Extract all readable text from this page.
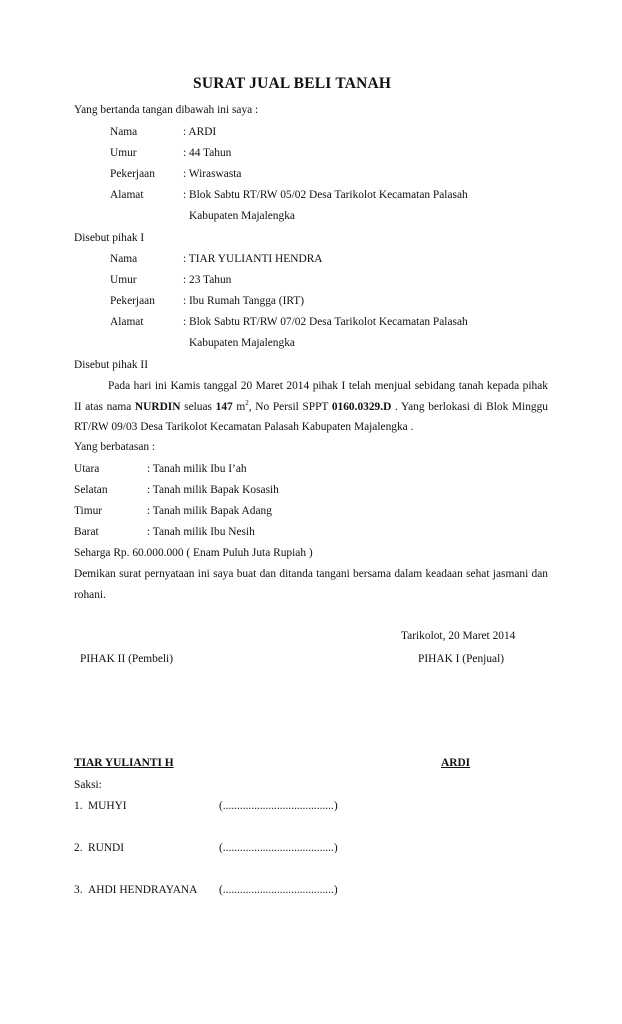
SURAT JUAL BELI TANAH
Yang bertanda tangan dibawah ini saya :
Nama	: ARDI
Umur	: 44 Tahun
Pekerjaan : Wiraswasta
Alamat	: Blok Sabtu RT/RW 05/02 Desa Tarikolot Kecamatan Palasah
Kabupaten Majalengka
Disebut pihak I
Nama	: TIAR YULIANTI HENDRA
Umur	: 23 Tahun
Pekerjaan : Ibu Rumah Tangga (IRT)
Alamat	: Blok Sabtu RT/RW 07/02 Desa Tarikolot Kecamatan Palasah
Kabupaten Majalengka
Disebut pihak II
Pada hari ini Kamis tanggal 20 Maret 2014 pihak I telah menjual sebidang tanah kepada pihak II atas nama NURDIN seluas 147 $m^2$, No Persil SPPT 0160.0329.D . Yang berlokasi di Blok Minggu RT/RW 09/03 Desa Tarikolot Kecamatan Palasah Kabupaten Majalengka .
Yang berbatasan :
Utara	: Tanah milik Ibu I’ah
Selatan	: Tanah milik Bapak Kosasih
Timur	: Tanah milik Bapak Adang
Barat	: Tanah milik Ibu Nesih
Seharga Rp. 60.000.000 ( Enam Puluh Juta Rupiah )
Demikan surat pernyataan ini saya buat dan ditanda tangani bersama dalam keadaan sehat jasmani dan rohani.
Tarikolot, 20 Maret 2014
PIHAK II (Pembeli)	PIHAK I (Penjual)
TIAR YULIANTI H	ARDI
Saksi:
1. MUHYI	(.......................................)
2. RUNDI	(.......................................)
3. AHDI HENDRAYANA (.......................................)
